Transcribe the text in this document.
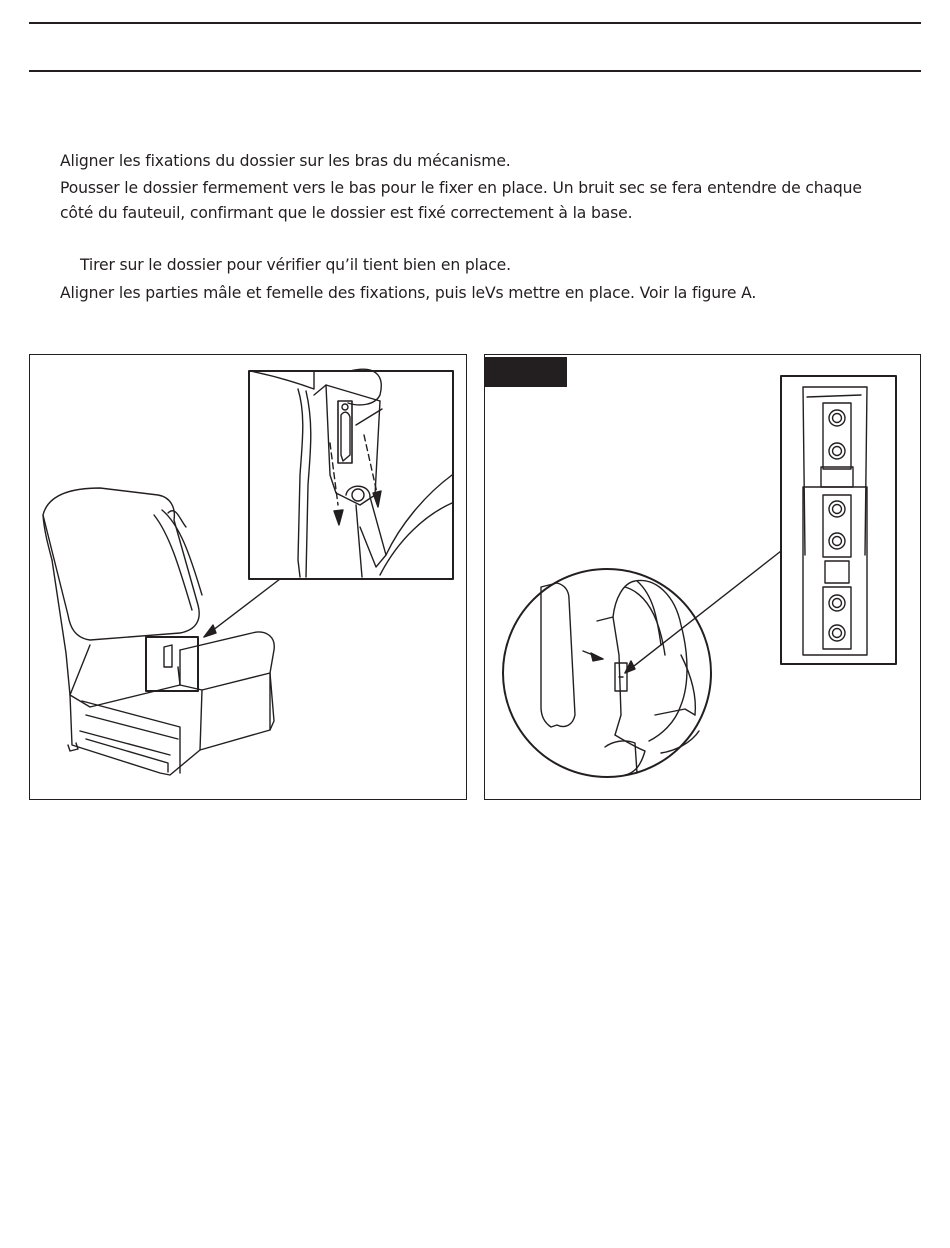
Aligner les fixations du dossier sur les bras du mécanisme.
Pousser le dossier fermement vers le bas pour le fixer en place. Un bruit sec se fera entendre de chaque
côté du fauteuil, confirmant que le dossier est fixé correctement à la base.
Tirer sur le dossier pour vérifier qu’il tient bien en place.
Aligner les parties mâle et femelle des fixations, puis leVs mettre en place. Voir la figure A.
